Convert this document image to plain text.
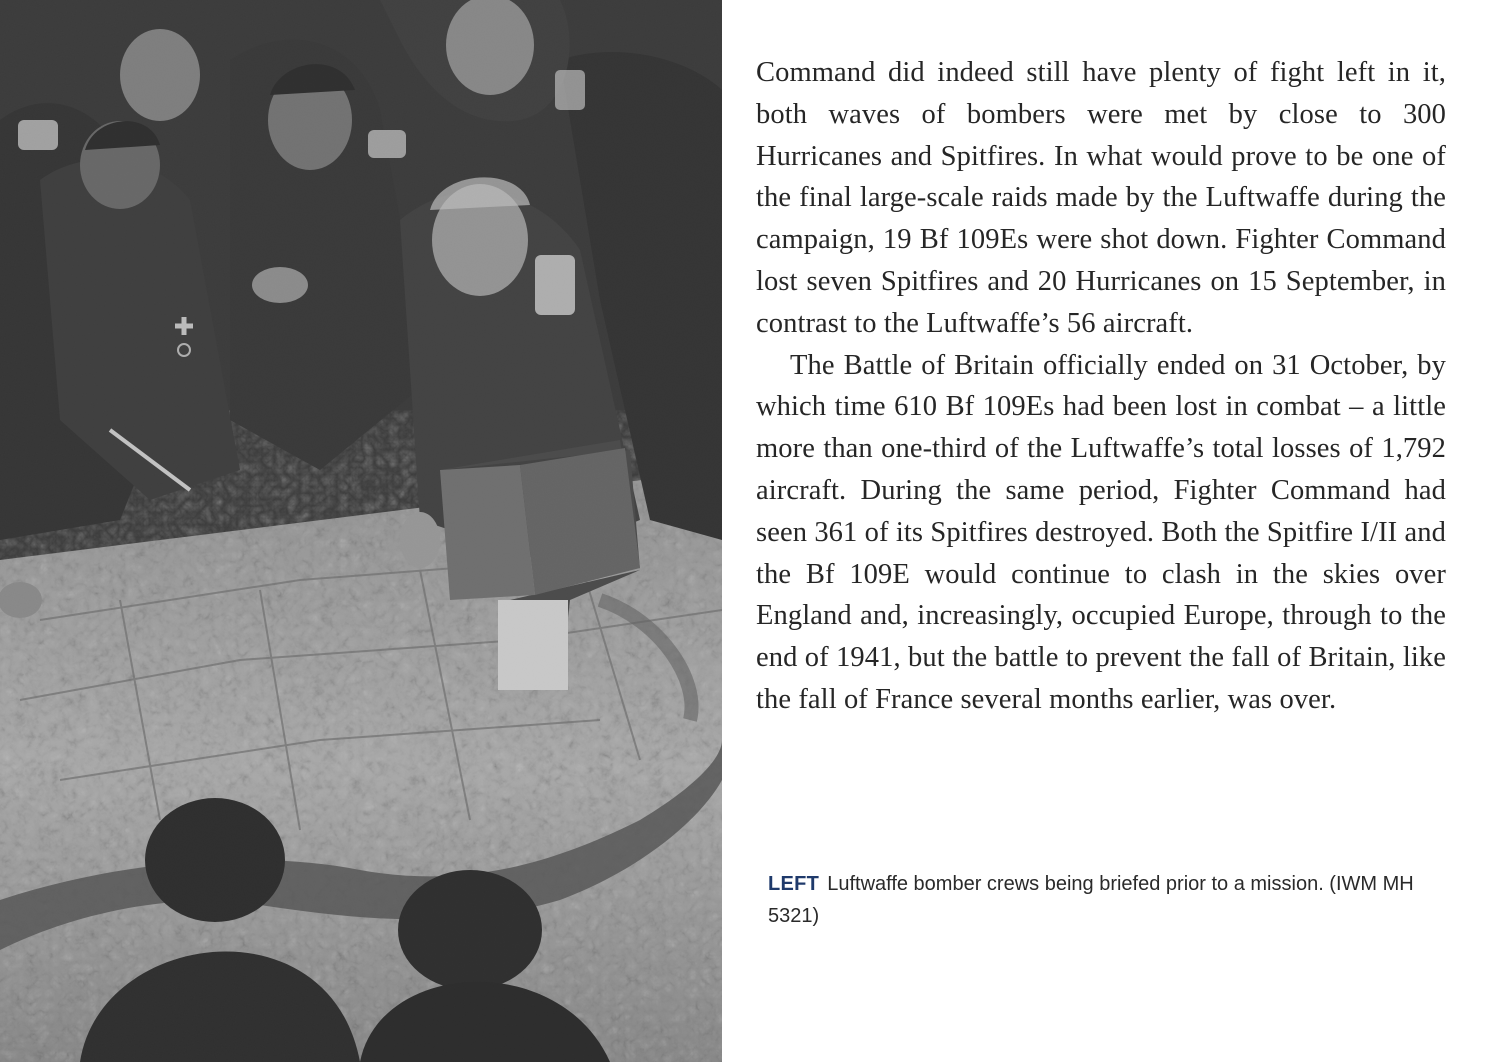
Command did indeed still have plenty of fight left in it, both waves of bombers were met by close to 300 Hurricanes and Spitfires. In what would prove to be one of the final large-scale raids made by the Luftwaffe during the campaign, 19 Bf 109Es were shot down. Fighter Command lost seven Spitfires and 20 Hurricanes on 15 September, in contrast to the Luftwaffe’s 56 aircraft.

The Battle of Britain officially ended on 31 October, by which time 610 Bf 109Es had been lost in combat – a little more than one-third of the Luftwaffe’s total losses of 1,792 aircraft. During the same period, Fighter Command had seen 361 of its Spitfires destroyed. Both the Spitfire I/II and the Bf 109E would continue to clash in the skies over England and, increasingly, occupied Europe, through to the end of 1941, but the battle to prevent the fall of Britain, like the fall of France several months earlier, was over.

LEFT Luftwaffe bomber crews being briefed prior to a mission. (IWM MH 5321)
